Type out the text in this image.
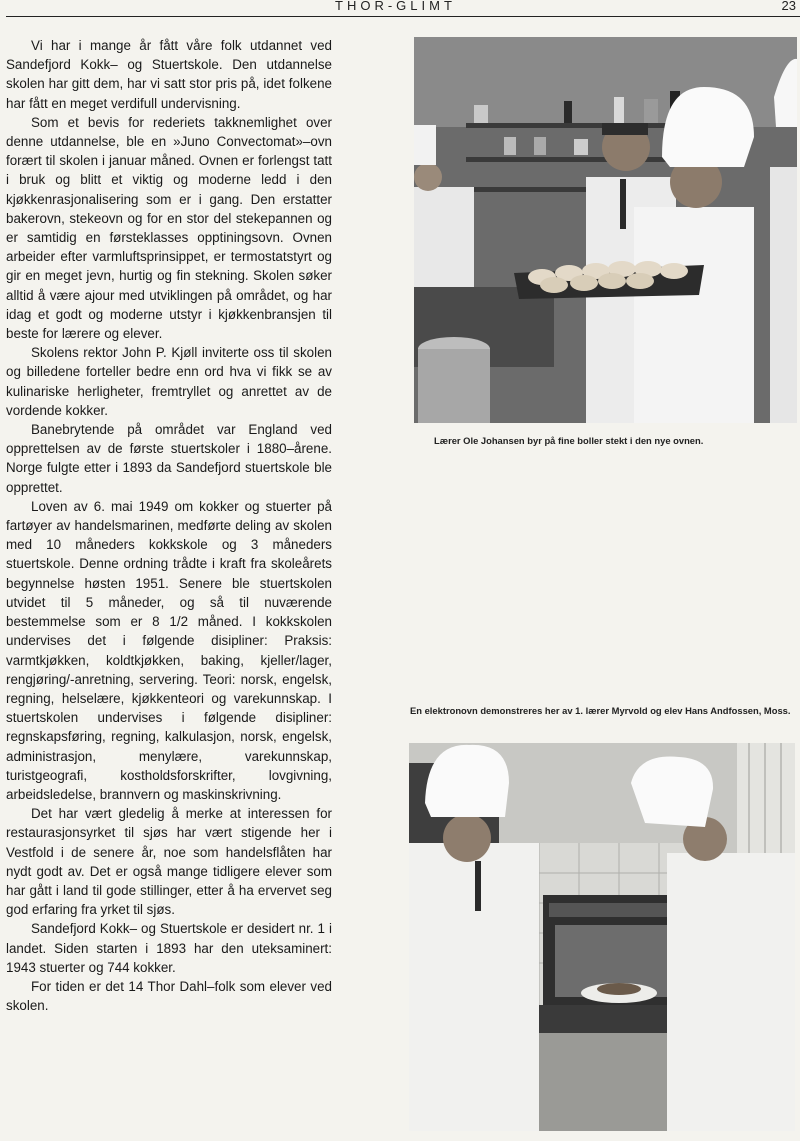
THOR-GLIMT	23

Vi har i mange år fått våre folk utdannet ved Sandefjord Kokk– og Stuertskole. Den utdannelse skolen har gitt dem, har vi satt stor pris på, idet folkene har fått en meget verdifull undervisning.

Som et bevis for rederiets takknemlighet over denne utdannelse, ble en »Juno Convectomat»–ovn forært til skolen i januar måned. Ovnen er forlengst tatt i bruk og blitt et viktig og moderne ledd i den kjøkkenrasjonalisering som er i gang. Den erstatter bakerovn, stekeovn og for en stor del stekepannen og er samtidig en førsteklasses opptiningsovn. Ovnen arbeider efter varmluftsprinsippet, er termostatstyrt og gir en meget jevn, hurtig og fin stekning. Skolen søker alltid å være ajour med utviklingen på området, og har idag et godt og moderne utstyr i kjøkkenbransjen til beste for lærere og elever.

Skolens rektor John P. Kjøll inviterte oss til skolen og billedene forteller bedre enn ord hva vi fikk se av kulinariske herligheter, fremtryllet og anrettet av de vordende kokker.

Banebrytende på området var England ved opprettelsen av de første stuertskoler i 1880–årene. Norge fulgte etter i 1893 da Sandefjord stuertskole ble opprettet.

Loven av 6. mai 1949 om kokker og stuerter på fartøyer av handelsmarinen, medførte deling av skolen med 10 måneders kokkskole og 3 måneders stuertskole. Denne ordning trådte i kraft fra skoleårets begynnelse høsten 1951. Senere ble stuertskolen utvidet til 5 måneder, og så til nuværende bestemmelse som er 8 1/2 måned. I kokkskolen undervises det i følgende disipliner: Praksis: varmtkjøkken, koldtkjøkken, baking, kjeller/lager, rengjøring/-anretning, servering. Teori: norsk, engelsk, regning, helselære, kjøkkenteori og varekunnskap. I stuertskolen undervises i følgende disipliner: regnskapsføring, regning, kalkulasjon, norsk, engelsk, administrasjon, menylære, varekunnskap, turistgeografi, kostholdsforskrifter, lovgivning, arbeidsledelse, brannvern og maskinskrivning.

Det har vært gledelig å merke at interessen for restaurasjonsyrket til sjøs har vært stigende her i Vestfold i de senere år, noe som handelsflåten har nydt godt av. Det er også mange tidligere elever som har gått i land til gode stillinger, etter å ha ervervet seg god erfaring fra yrket til sjøs.

Sandefjord Kokk– og Stuertskole er desidert nr. 1 i landet. Siden starten i 1893 har den uteksaminert: 1943 stuerter og 744 kokker.

For tiden er det 14 Thor Dahl–folk som elever ved skolen.

Lærer Ole Johansen byr på fine boller stekt i den nye ovnen.
En elektronovn demonstreres her av 1. lærer Myrvold og elev Hans Andfossen, Moss.
